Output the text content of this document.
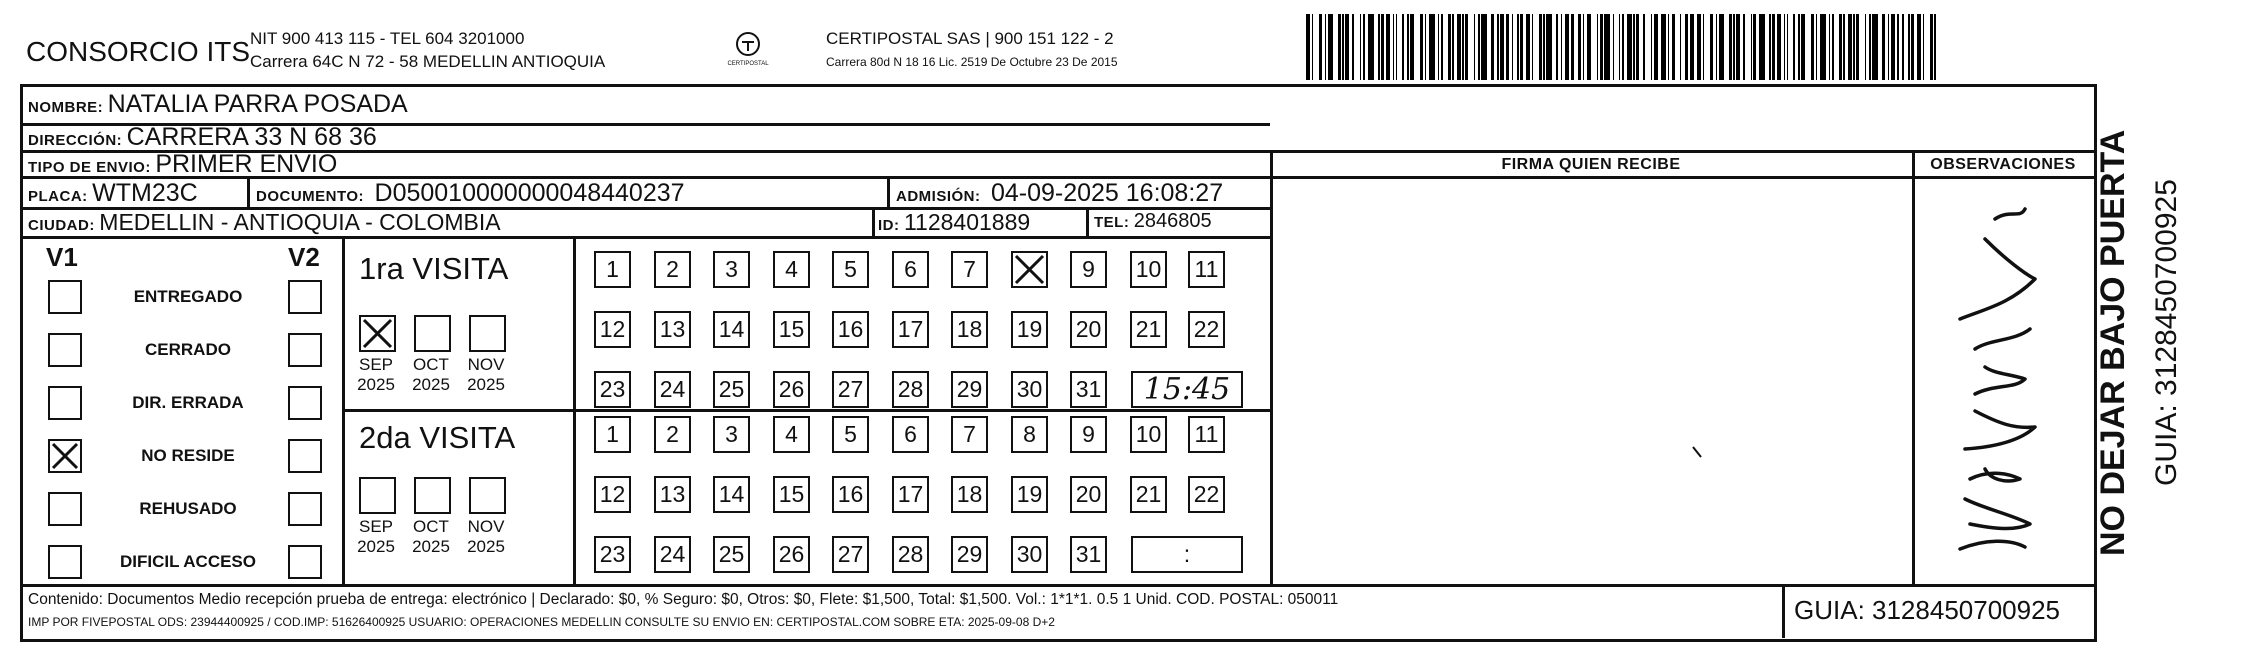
CONSORCIO ITS NIT 900 413 115 - TEL 604 3201000
Carrera 64C N 72 - 58 MEDELLIN ANTIOQUIA	CERTIPOSTAL
CERTIPOSTAL SAS | 900 151 122 - 2
Carrera 80d N 18 16 Lic. 2519 De Octubre 23 De 2015
NOMBRE: NATALIA PARRA POSADA
DIRECCIÓN: CARRERA 33 N 68 36
TIPO DE ENVIO: PRIMER ENVIO
PLACA: WTM23C	DOCUMENTO: D050010000000048440237	ADMISIÓN: 04-09-2025 16:08:27
CIUDAD: MEDELLIN - ANTIOQUIA - COLOMBIA	ID: 1128401889	TEL: 2846805
FIRMA QUIEN RECIBE	OBSERVACIONES
V1	V2
ENTREGADO
CERRADO
DIR. ERRADA
NO RESIDE
REHUSADO
DIFICIL ACCESO
1ra VISITA
SEP
2025
OCT
2025
NOV
2025
1 2 3 4 5 6 7	9 10 11
12 13 14 15 16 17 18 19 20 21 22
23 24 25 26 27 28 29 30 31 15:45
2da VISITA
SEP
2025
OCT
2025
NOV
2025
1 2 3 4 5 6 7 8 9 10 11
12 13 14 15 16 17 18 19 20 21 22
23 24 25 26 27 28 29 30 31	:
Contenido: Documentos Medio recepción prueba de entrega: electrónico | Declarado: $0, % Seguro: $0, Otros: $0, Flete: $1,500, Total: $1,500. Vol.: 1*1*1. 0.5 1 Unid. COD. POSTAL: 050011
IMP POR FIVEPOSTAL ODS: 23944400925 / COD.IMP: 51626400925 USUARIO: OPERACIONES MEDELLIN CONSULTE SU ENVIO EN: CERTIPOSTAL.COM SOBRE ETA: 2025-09-08 D+2	GUIA: 3128450700925
NO DEJAR BAJO PUERTA GUIA: 3128450700925
